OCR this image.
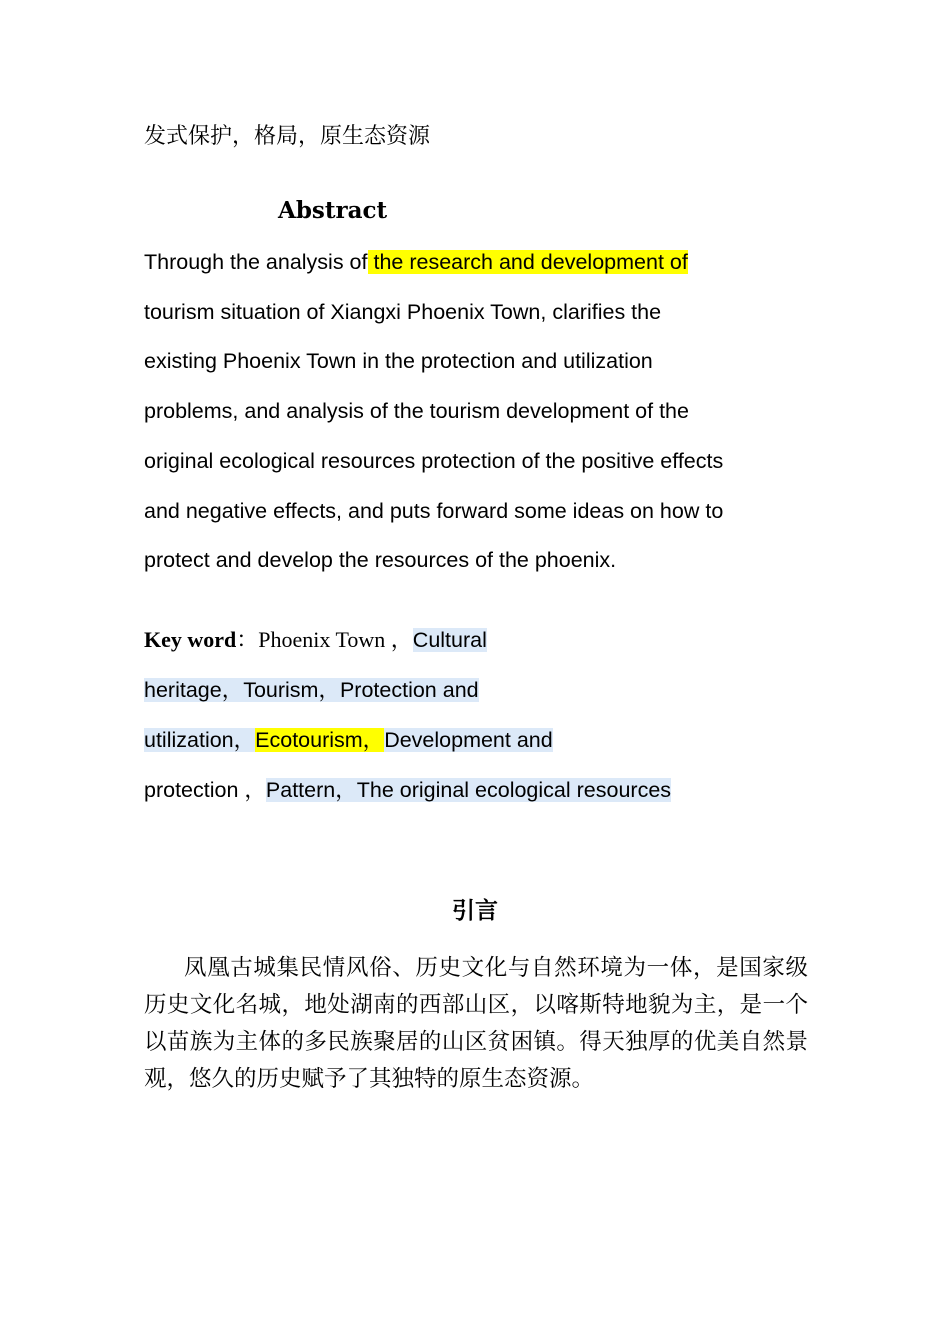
发式保护，格局，原生态资源
Abstract
Through the analysis of the research and development of
tourism situation of Xiangxi Phoenix Town, clarifies the
existing Phoenix Town in the protection and utilization
problems, and analysis of the tourism development of the
original ecological resources protection of the positive effects
and negative effects, and puts forward some ideas on how to
protect and develop the resources of the phoenix.
Key word：Phoenix Town ，Cultural
heritage，Tourism，Protection and
utilization，Ecotourism，Development and
protection ，Pattern，The original ecological resources
引言
凤凰古城集民情风俗、历史文化与自然环境为一体，是国家级历史文化名城，地处湖南的西部山区，以喀斯特地貌为主，是一个以苗族为主体的多民族聚居的山区贫困镇。得天独厚的优美自然景观，悠久的历史赋予了其独特的原生态资源。
